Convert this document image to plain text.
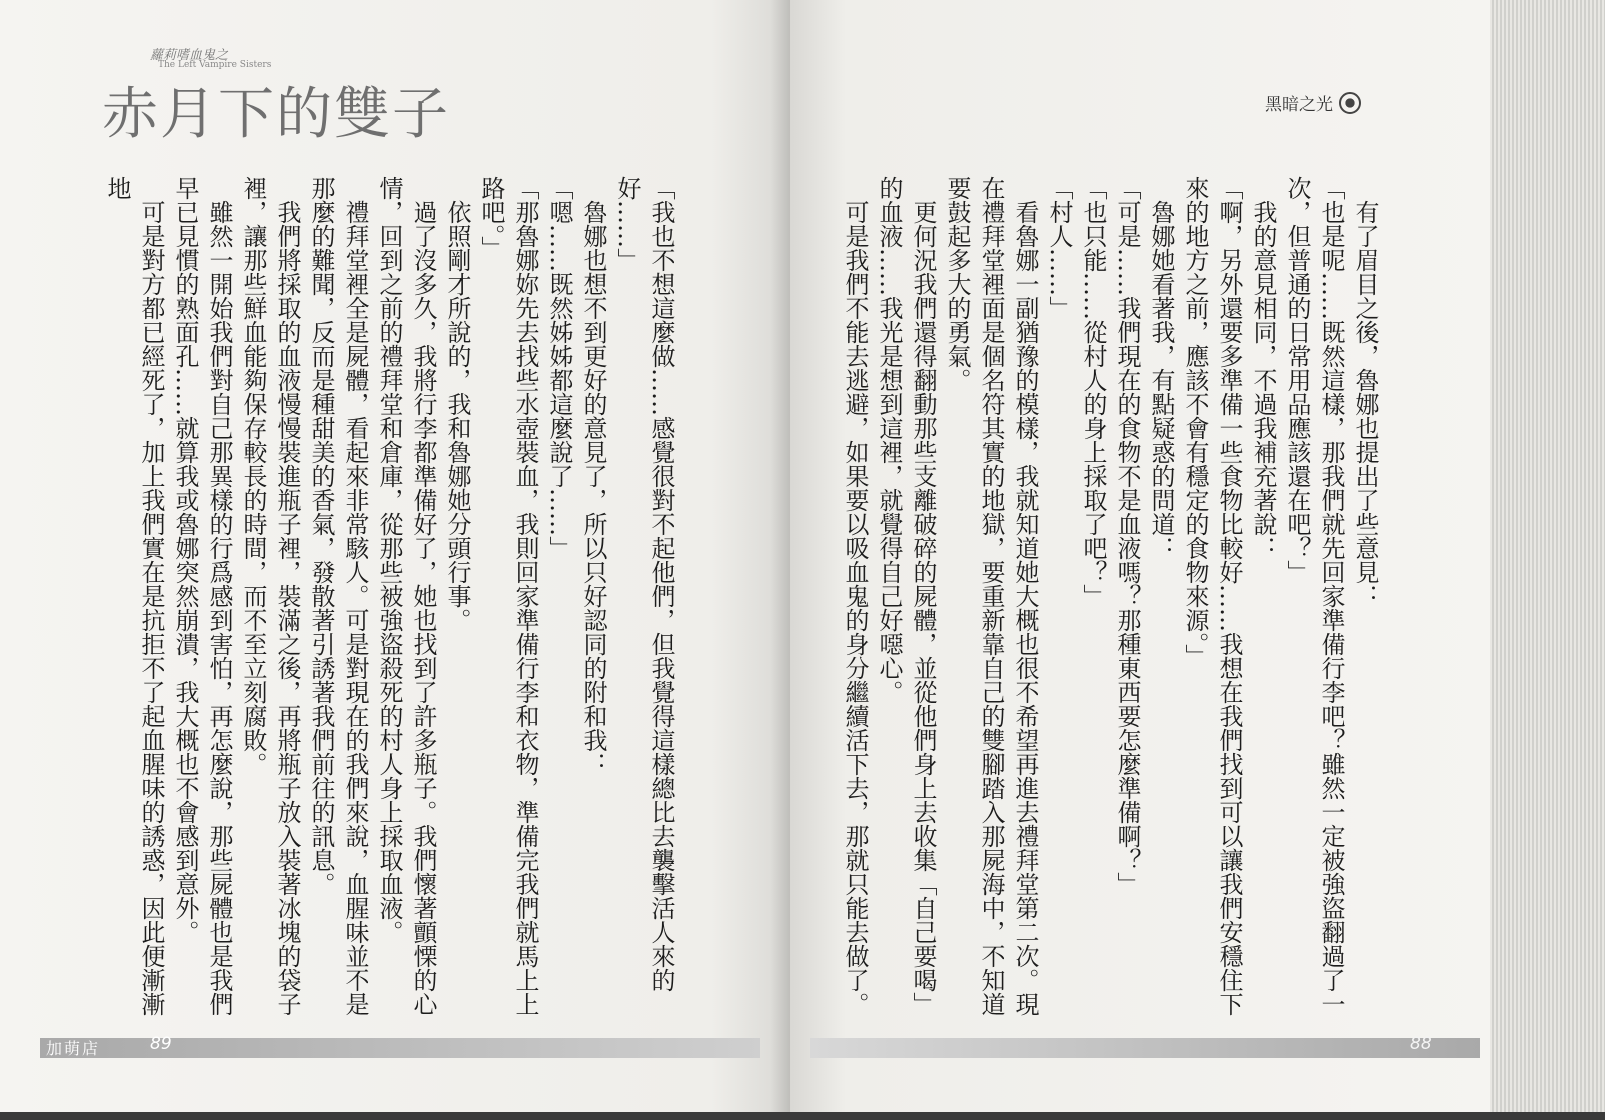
蘿莉嗜血鬼之
The Left Vampire Sisters
赤月下的雙子
「我也不想這麼做……感覺很對不起他們，但我覺得這樣總比去襲擊活人來的好……」
魯娜也想不到更好的意見了，所以只好認同的附和我：
「嗯……既然姊姊都這麼說了……」
「那魯娜妳先去找些水壺裝血，我則回家準備行李和衣物，準備完我們就馬上上路吧。」
依照剛才所說的，我和魯娜她分頭行事。
過了沒多久，我將行李都準備好了，她也找到了許多瓶子。我們懷著顫慄的心情，回到之前的禮拜堂和倉庫，從那些被強盜殺死的村人身上採取血液。
禮拜堂裡全是屍體，看起來非常駭人。可是對現在的我們來說，血腥味並不是那麼的難聞，反而是種甜美的香氣，發散著引誘著我們前往的訊息。
我們將採取的血液慢慢裝進瓶子裡，裝滿之後，再將瓶子放入裝著冰塊的袋子裡，讓那些鮮血能夠保存較長的時間，而不至立刻腐敗。
雖然一開始我們對自己那異樣的行爲感到害怕，再怎麼說，那些屍體也是我們早已見慣的熟面孔……就算我或魯娜突然崩潰，我大概也不會感到意外。
可是對方都已經死了，加上我們實在是抗拒不了起血腥味的誘惑，因此便漸漸地
加萌店	89
黑暗之光
有了眉目之後，魯娜也提出了些意見：
「也是呢……既然這樣，那我們就先回家準備行李吧？雖然一定被強盜翻過了一次，但普通的日常用品應該還在吧？」
我的意見相同，不過我補充著說：
「啊，另外還要多準備一些食物比較好……我想在我們找到可以讓我們安穩住下來的地方之前，應該不會有穩定的食物來源。」
魯娜她看著我，有點疑惑的問道：
「可是……我們現在的食物不是血液嗎？那種東西要怎麼準備啊？」
「也只能……從村人的身上採取了吧？」
「村人……」
看魯娜一副猶豫的模樣，我就知道她大概也很不希望再進去禮拜堂第二次。現在禮拜堂裡面是個名符其實的地獄，要重新靠自己的雙腳踏入那屍海中，不知道要鼓起多大的勇氣。
更何況我們還得翻動那些支離破碎的屍體，並從他們身上去收集「自己要喝」的血液……我光是想到這裡，就覺得自己好噁心。
可是我們不能去逃避，如果要以吸血鬼的身分繼續活下去，那就只能去做了。
88
